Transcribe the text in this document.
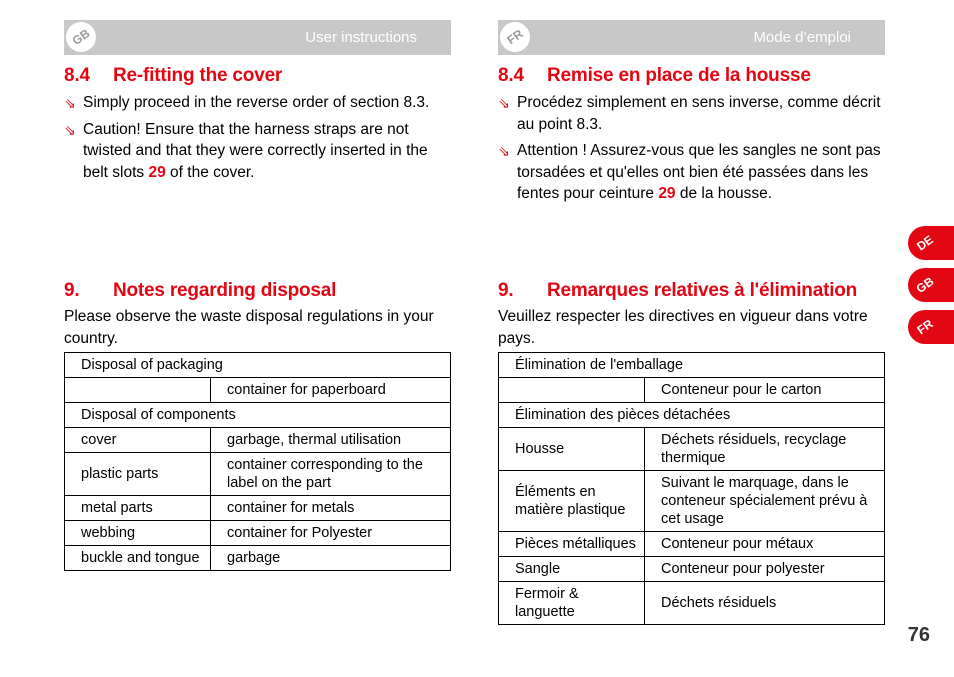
GB	User instructions
8.4 Re-fitting the cover
⇘ Simply proceed in the reverse order of section 8.3.
⇘ Caution! Ensure that the harness straps are not twisted and that they were correctly inserted in the belt slots 29 of the cover.
9. Notes regarding disposal
Please observe the waste disposal regulations in your country.
Disposal of packaging	
	container for paperboard
Disposal of components	
cover	garbage, thermal utilisation
plastic parts	container corresponding to the label on the part
metal parts	container for metals
webbing	container for Polyester
buckle and tongue	garbage
FR	Mode d’emploi
8.4 Remise en place de la housse
⇘ Procédez simplement en sens inverse, comme décrit au point 8.3.
⇘ Attention ! Assurez-vous que les sangles ne sont pas torsadées et qu'elles ont bien été passées dans les fentes pour ceinture 29 de la housse.
9. Remarques relatives à l'élimination
Veuillez respecter les directives en vigueur dans votre pays.
Élimination de l'emballage	
	Conteneur pour le carton
Élimination des pièces détachées	
Housse	Déchets résiduels, recyclage thermique
Éléments en matière plastique	Suivant le marquage, dans le conteneur spécialement prévu à cet usage
Pièces métalliques	Conteneur pour métaux
Sangle	Conteneur pour polyester
Fermoir & languette	Déchets résiduels
DE
GB
FR
76
